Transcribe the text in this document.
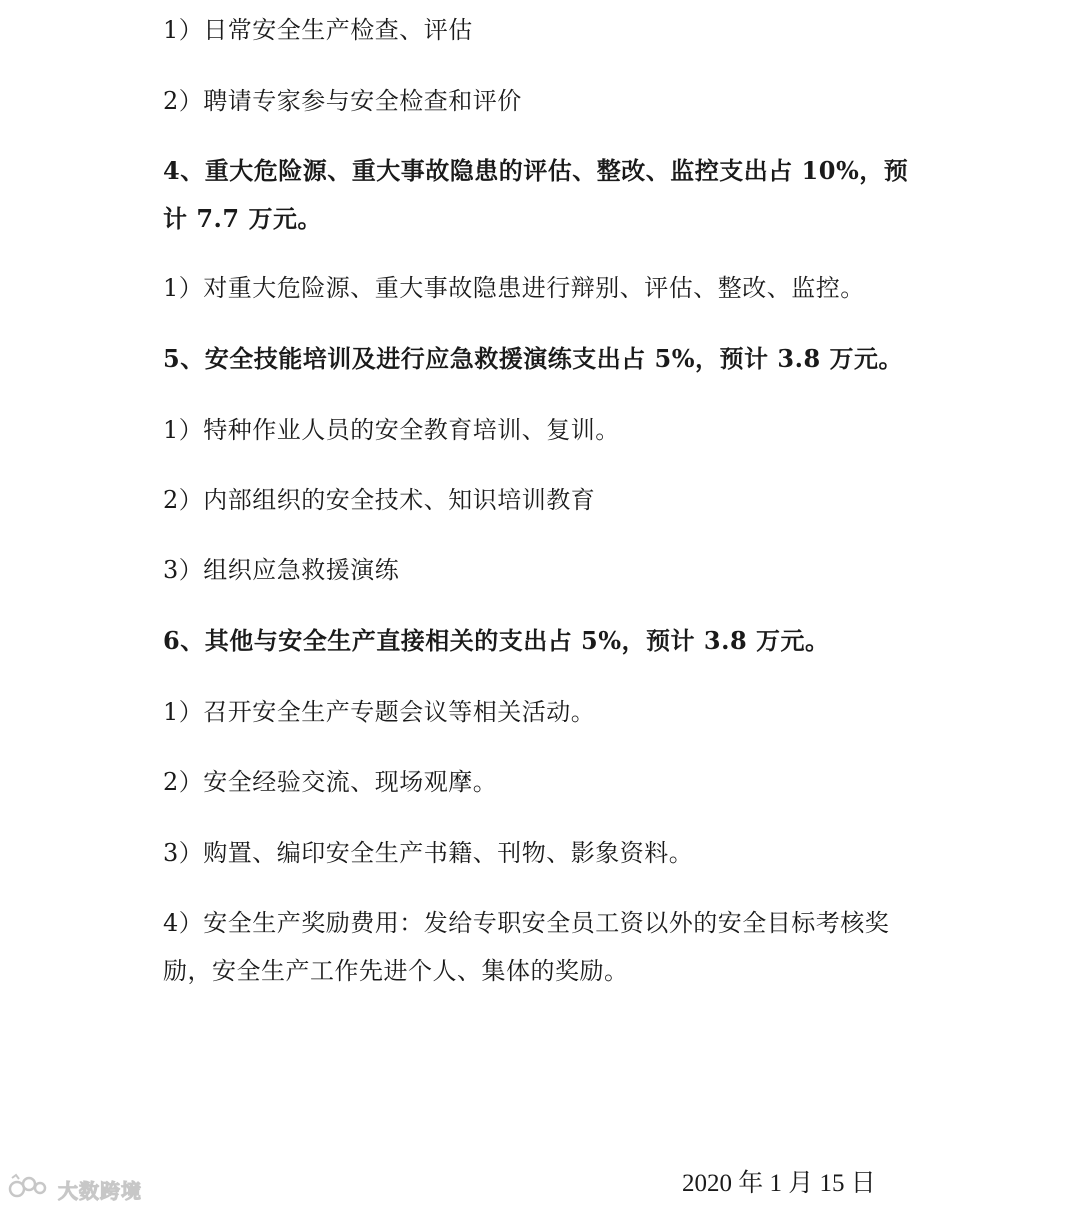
1）日常安全生产检查、评估
2）聘请专家参与安全检查和评价
4、重大危险源、重大事故隐患的评估、整改、监控支出占 10%，预计 7.7 万元。
1）对重大危险源、重大事故隐患进行辩别、评估、整改、监控。
5、安全技能培训及进行应急救援演练支出占 5%，预计 3.8 万元。
1）特种作业人员的安全教育培训、复训。
2）内部组织的安全技术、知识培训教育
3）组织应急救援演练
6、其他与安全生产直接相关的支出占 5%，预计 3.8 万元。
1）召开安全生产专题会议等相关活动。
2）安全经验交流、现场观摩。
3）购置、编印安全生产书籍、刊物、影象资料。
4）安全生产奖励费用：发给专职安全员工资以外的安全目标考核奖励，安全生产工作先进个人、集体的奖励。
2020 年 1 月 15 日
大数跨境
